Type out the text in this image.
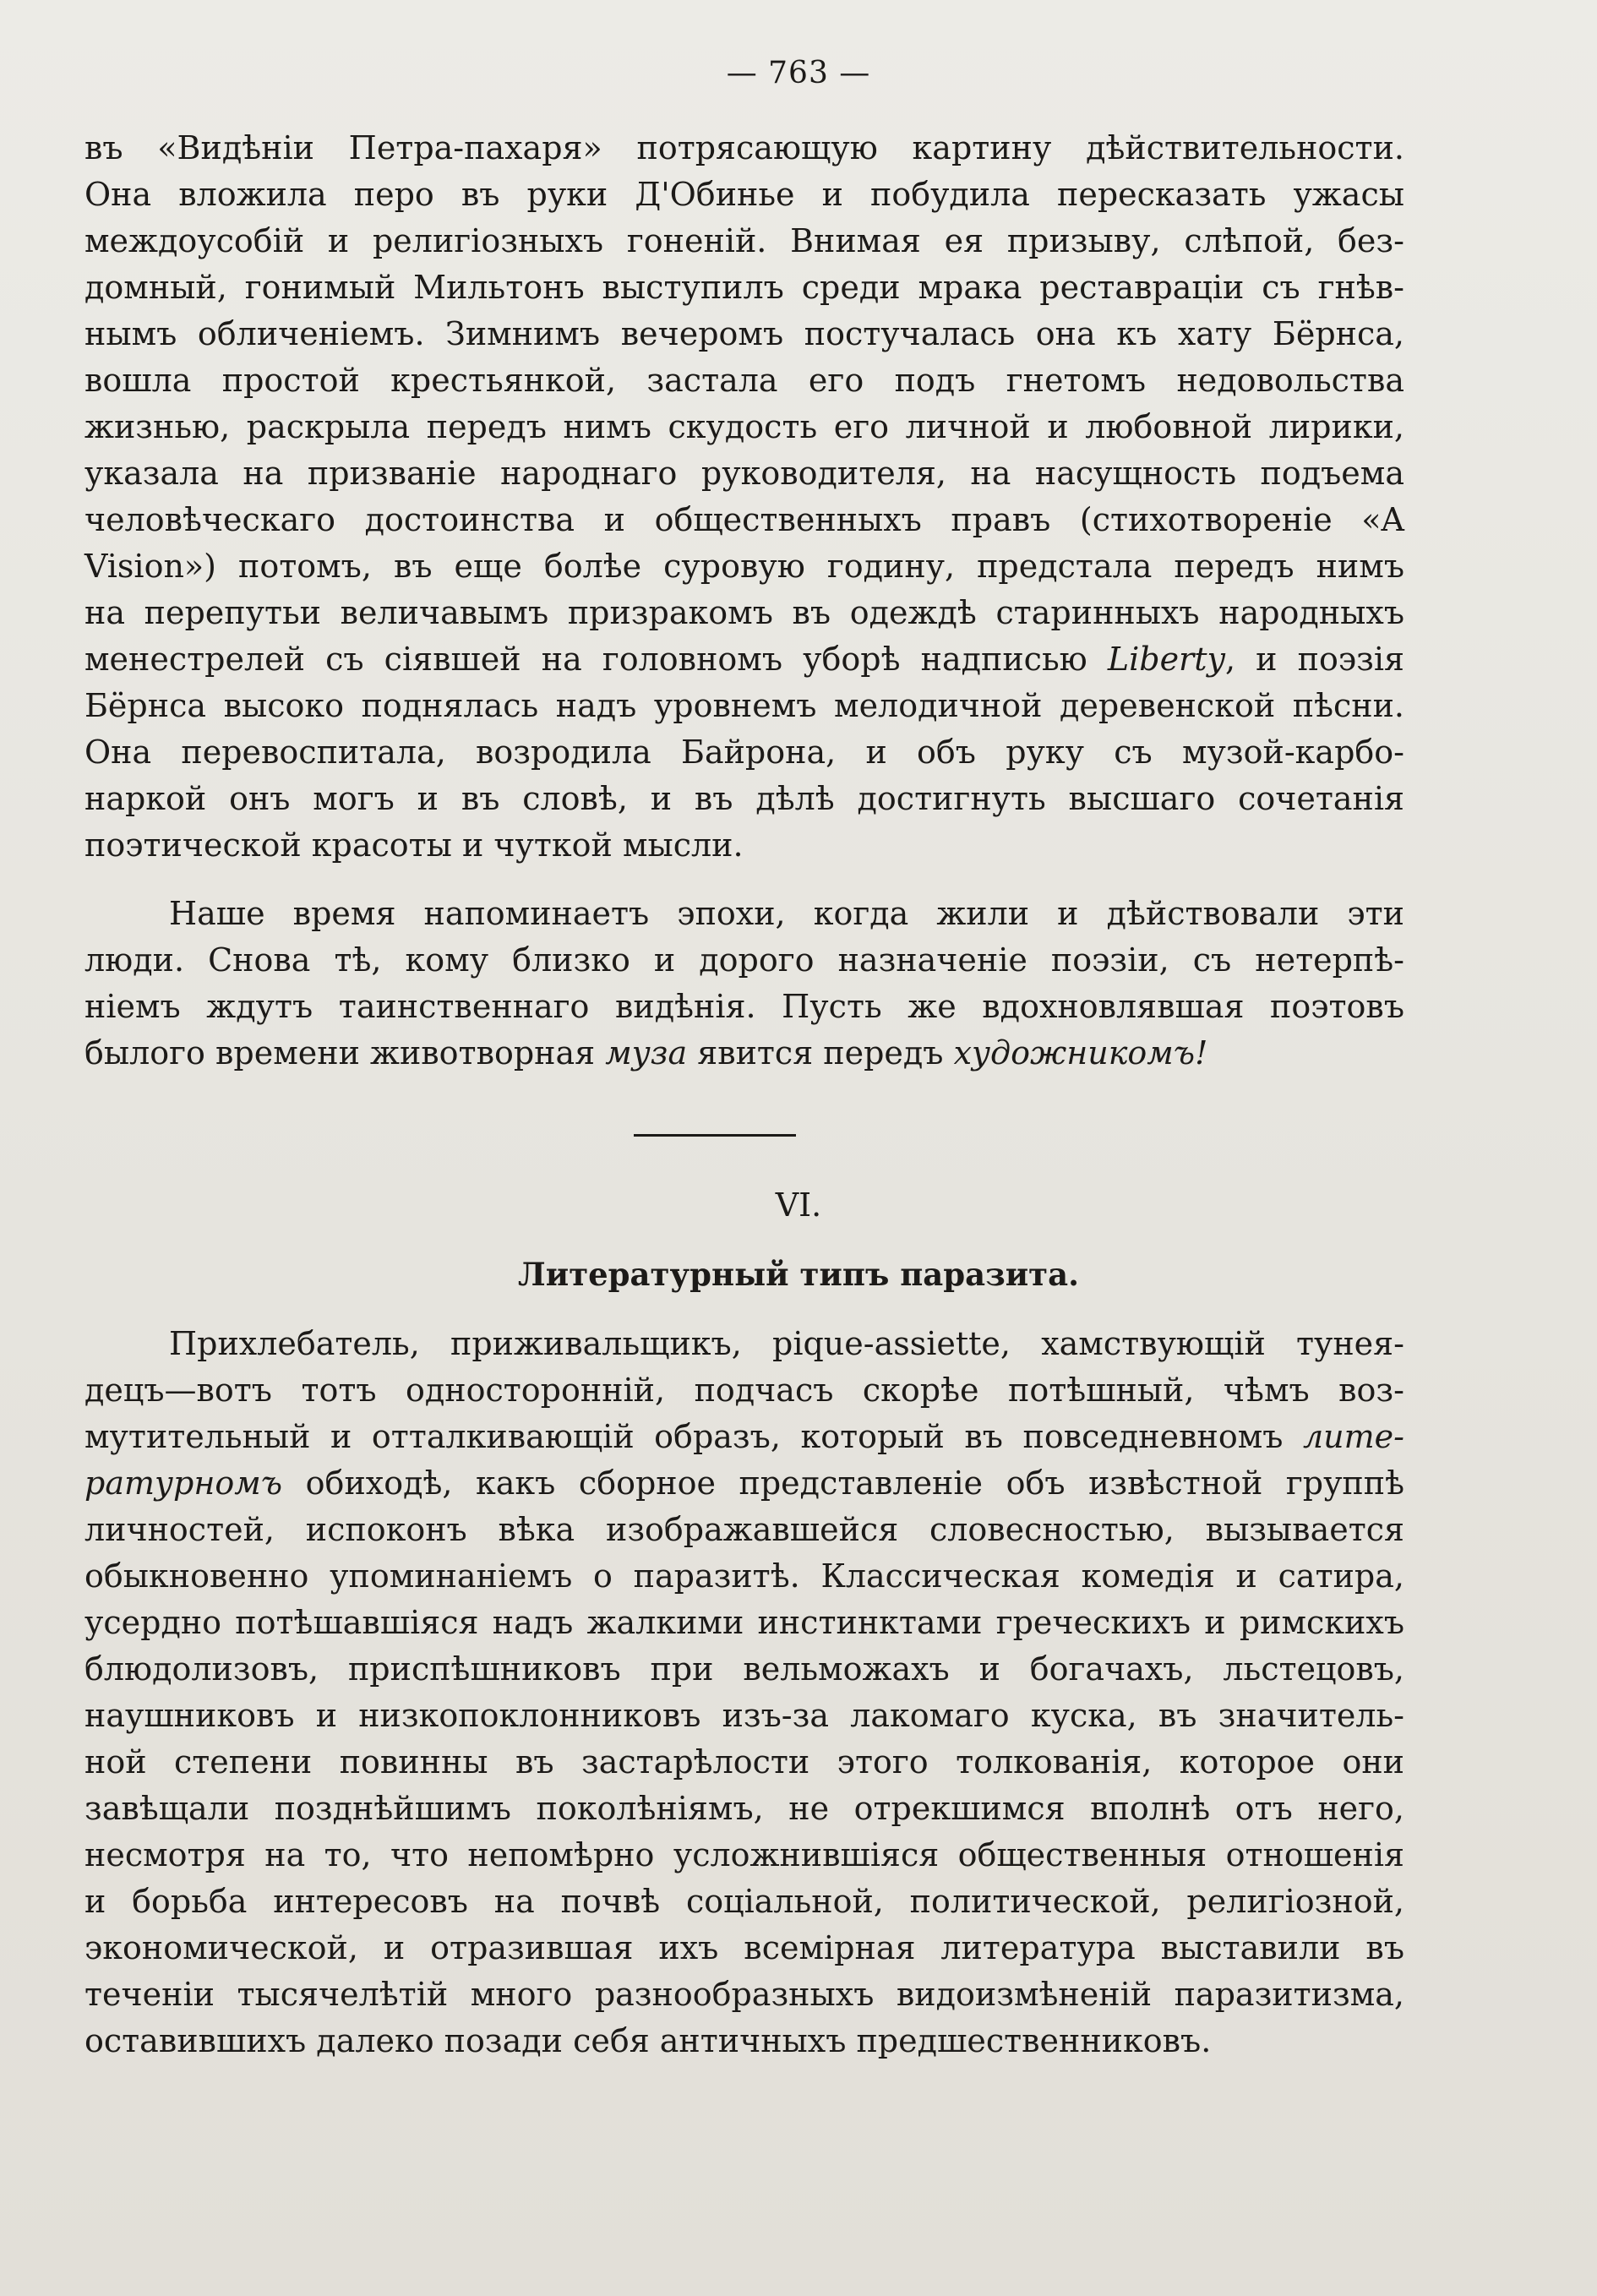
— 763 —
въ «Видѣніи Петра-пахаря» потрясающую картину дѣйствительности.
Она вложила перо въ руки Д'Обинье и побудила пересказать ужасы
междоусобій и религіозныхъ гоненій. Внимая ея призыву, слѣпой, без-
домный, гонимый Мильтонъ выступилъ среди мрака реставраціи съ гнѣв-
нымъ обличеніемъ. Зимнимъ вечеромъ постучалась она къ хату Бёрнса,
вошла простой крестьянкой, застала его подъ гнетомъ недовольства
жизнью, раскрыла передъ нимъ скудость его личной и любовной лирики,
указала на призваніе народнаго руководителя, на насущность подъема
человѣческаго достоинства и общественныхъ правъ (стихотвореніе «A
Vision») потомъ, въ еще болѣе суровую годину, предстала передъ нимъ
на перепутьи величавымъ призракомъ въ одеждѣ старинныхъ народныхъ
менестрелей съ сіявшей на головномъ уборѣ надписью Liberty, и поэзія
Бёрнса высоко поднялась надъ уровнемъ мелодичной деревенской пѣсни.
Она перевоспитала, возродила Байрона, и объ руку съ музой-карбо-
наркой онъ могъ и въ словѣ, и въ дѣлѣ достигнуть высшаго сочетанія
поэтической красоты и чуткой мысли.
Наше время напоминаетъ эпохи, когда жили и дѣйствовали эти
люди. Снова тѣ, кому близко и дорого назначеніе поэзіи, съ нетерпѣ-
ніемъ ждутъ таинственнаго видѣнія. Пусть же вдохновлявшая поэтовъ
былого времени животворная муза явится передъ художникомъ!
VI.
Литературный типъ паразита.
Прихлебатель, приживальщикъ, pique-assiette, хамствующій тунея-
децъ—вотъ тотъ односторонній, подчасъ скорѣе потѣшный, чѣмъ воз-
мутительный и отталкивающій образъ, который въ повседневномъ лите-
ратурномъ обиходѣ, какъ сборное представленіе объ извѣстной группѣ
личностей, испоконъ вѣка изображавшейся словесностью, вызывается
обыкновенно упоминаніемъ о паразитѣ. Классическая комедія и сатира,
усердно потѣшавшіяся надъ жалкими инстинктами греческихъ и римскихъ
блюдолизовъ, приспѣшниковъ при вельможахъ и богачахъ, льстецовъ,
наушниковъ и низкопоклонниковъ изъ-за лакомаго куска, въ значитель-
ной степени повинны въ застарѣлости этого толкованія, которое они
завѣщали позднѣйшимъ поколѣніямъ, не отрекшимся вполнѣ отъ него,
несмотря на то, что непомѣрно усложнившіяся общественныя отношенія
и борьба интересовъ на почвѣ соціальной, политической, религіозной,
экономической, и отразившая ихъ всемірная литература выставили въ
теченіи тысячелѣтій много разнообразныхъ видоизмѣненій паразитизма,
оставившихъ далеко позади себя античныхъ предшественниковъ.
